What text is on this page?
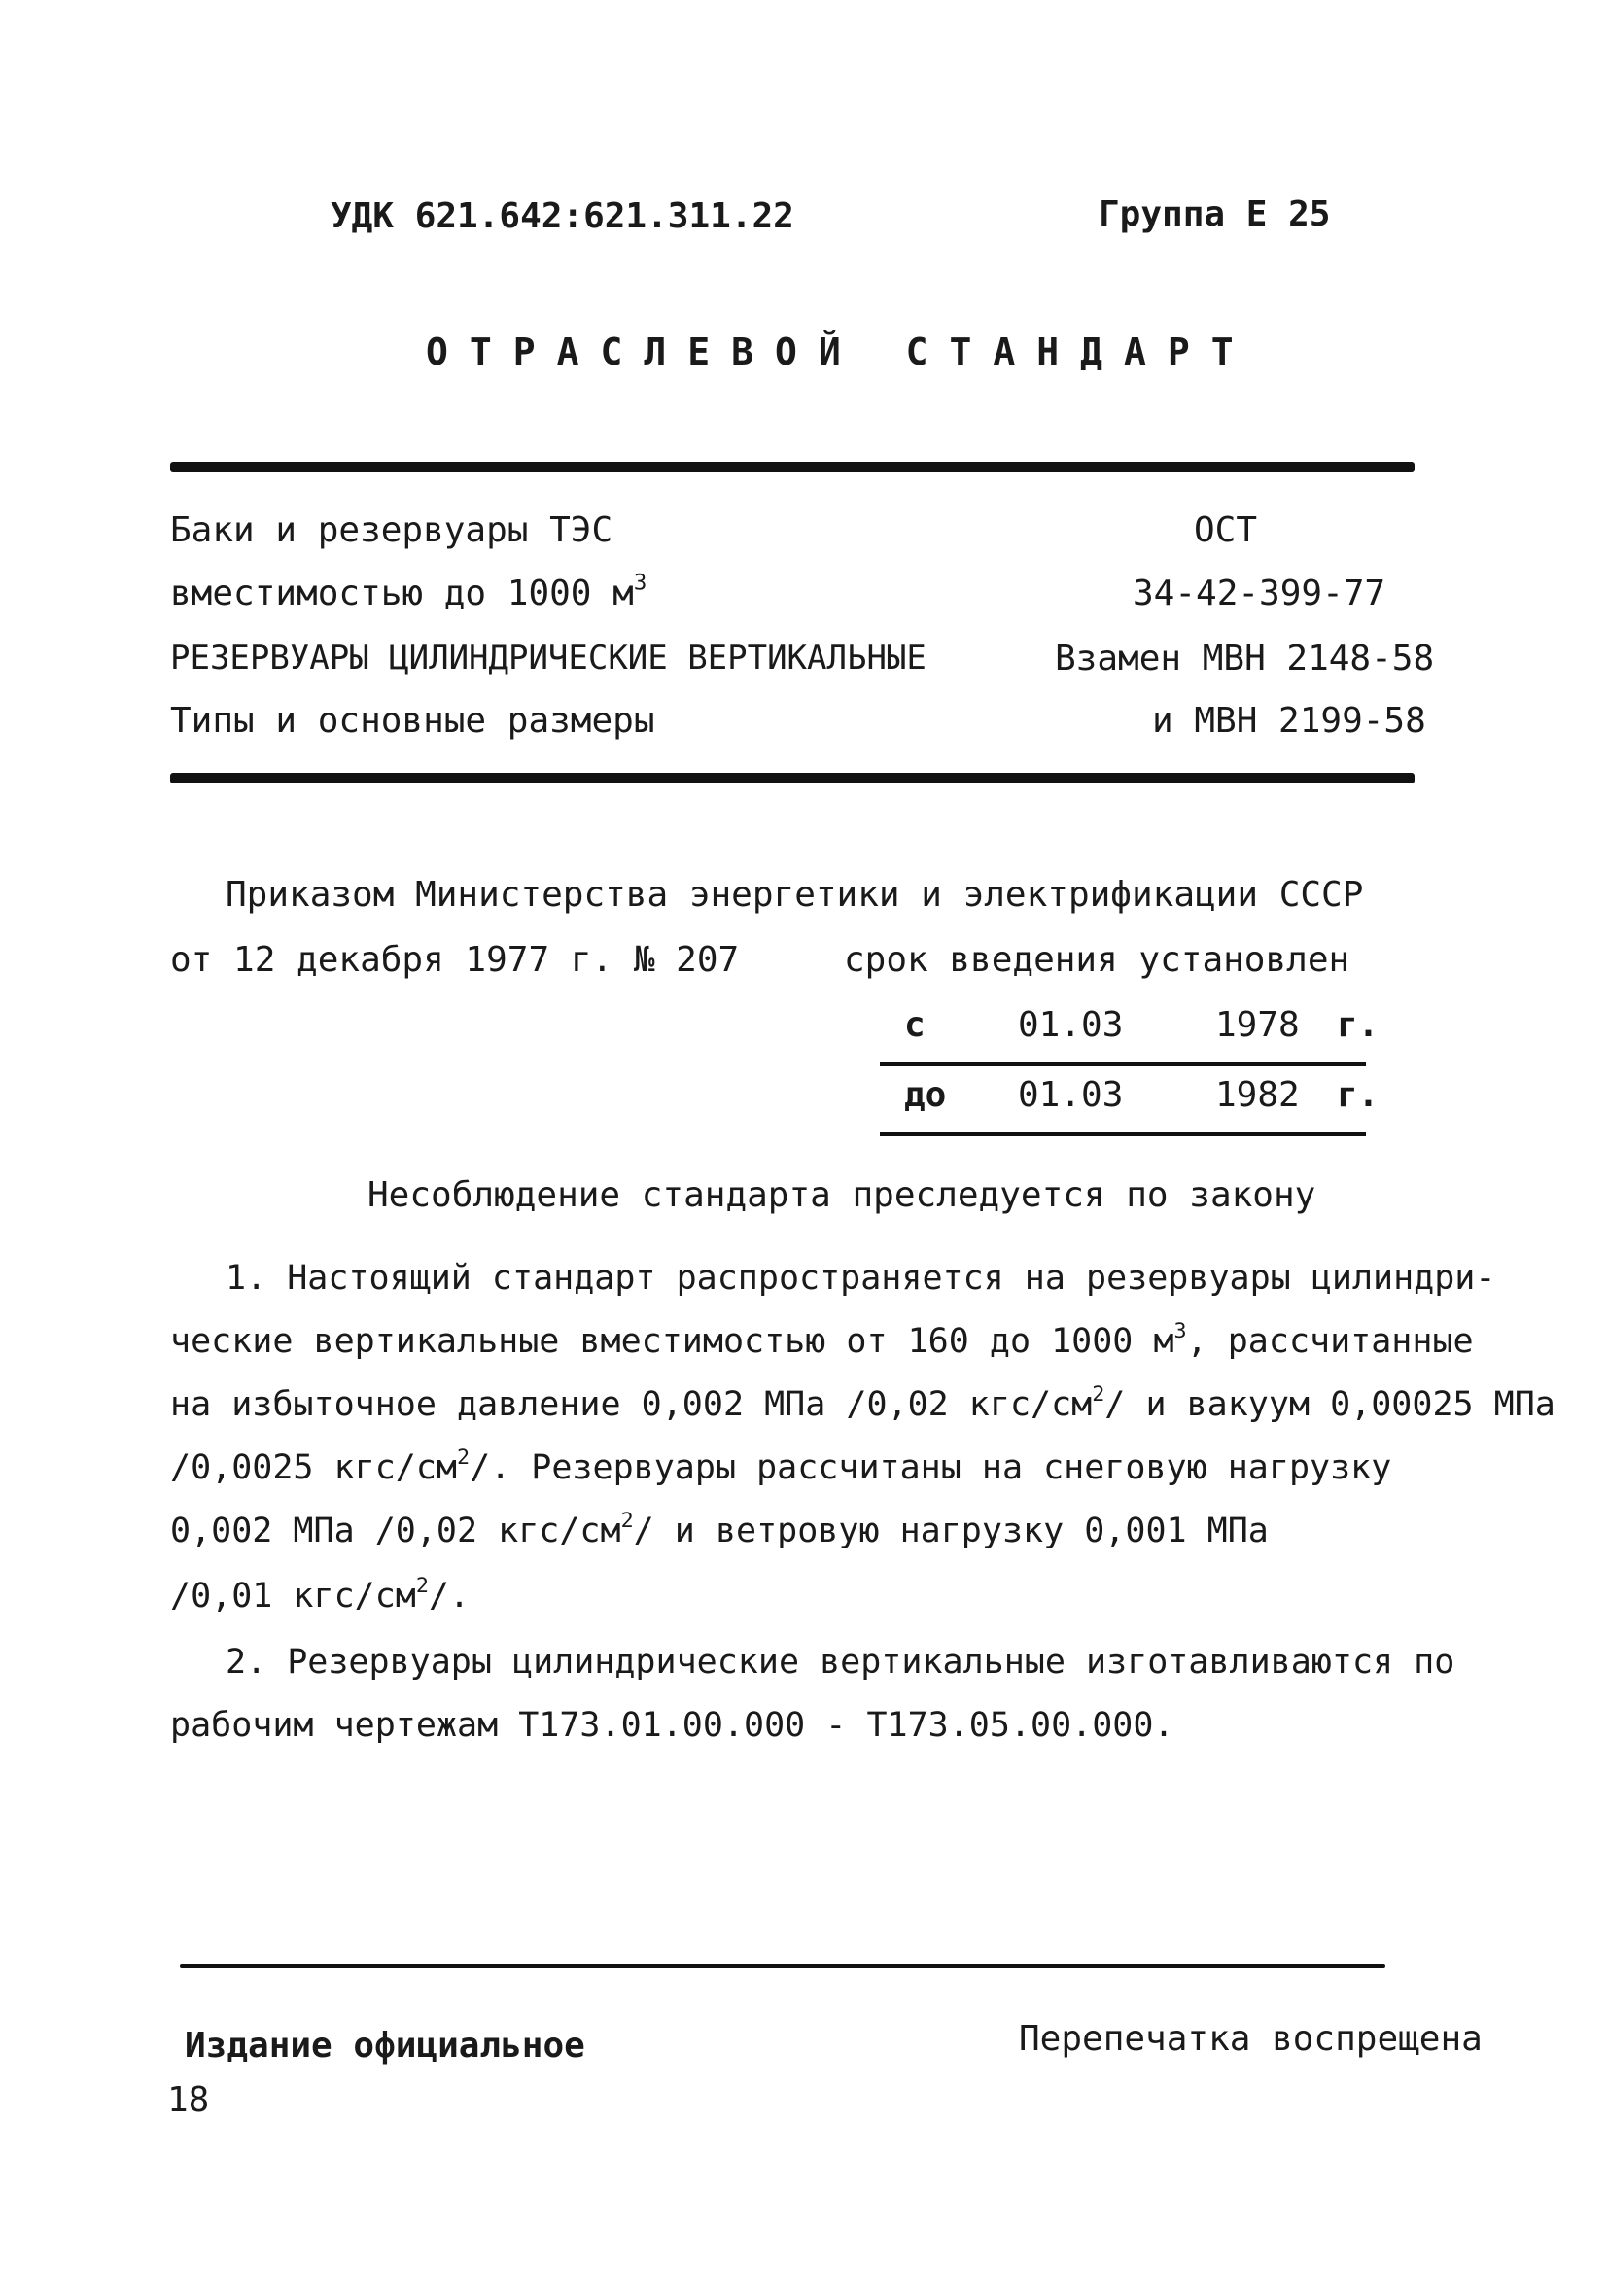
УДК 621.642:621.311.22	Группа Е 25
ОТРАСЛЕВОЙ СТАНДАРТ
Баки и резервуары ТЭС
вместимостью до 1000 $м^3$
РЕЗЕРВУАРЫ ЦИЛИНДРИЧЕСКИЕ ВЕРТИКАЛЬНЫЕ
Типы и основные размеры
ОСТ
34-42-399-77
Взамен МВН 2148-58
и МВН 2199-58
Приказом Министерства энергетики и электрификации СССР
от 12 декабря 1977 г. № 207	срок введения установлен
с	01.03	1978 г.
до 01.03	1982 г.
Несоблюдение стандарта преследуется по закону
1. Настоящий стандарт распространяется на резервуары цилиндри-
ческие вертикальные вместимостью от 160 до 1000 $м^3$, рассчитанные
на избыточное давление 0,002 МПа /0,02 кгс/$см^2/$ и вакуум 0,00025 МПа
/0,0025 кгс/$см^2/$. Резервуары рассчитаны на снеговую нагрузку
0,002 МПа /0,02 кгс/$см^2/$ и ветровую нагрузку 0,001 МПа
/0,01 кгс/$см^2/$.
2. Резервуары цилиндрические вертикальные изготавливаются по
рабочим чертежам Т173.01.00.000 - Т173.05.00.000.
Издание официальное	Перепечатка воспрещена
18
